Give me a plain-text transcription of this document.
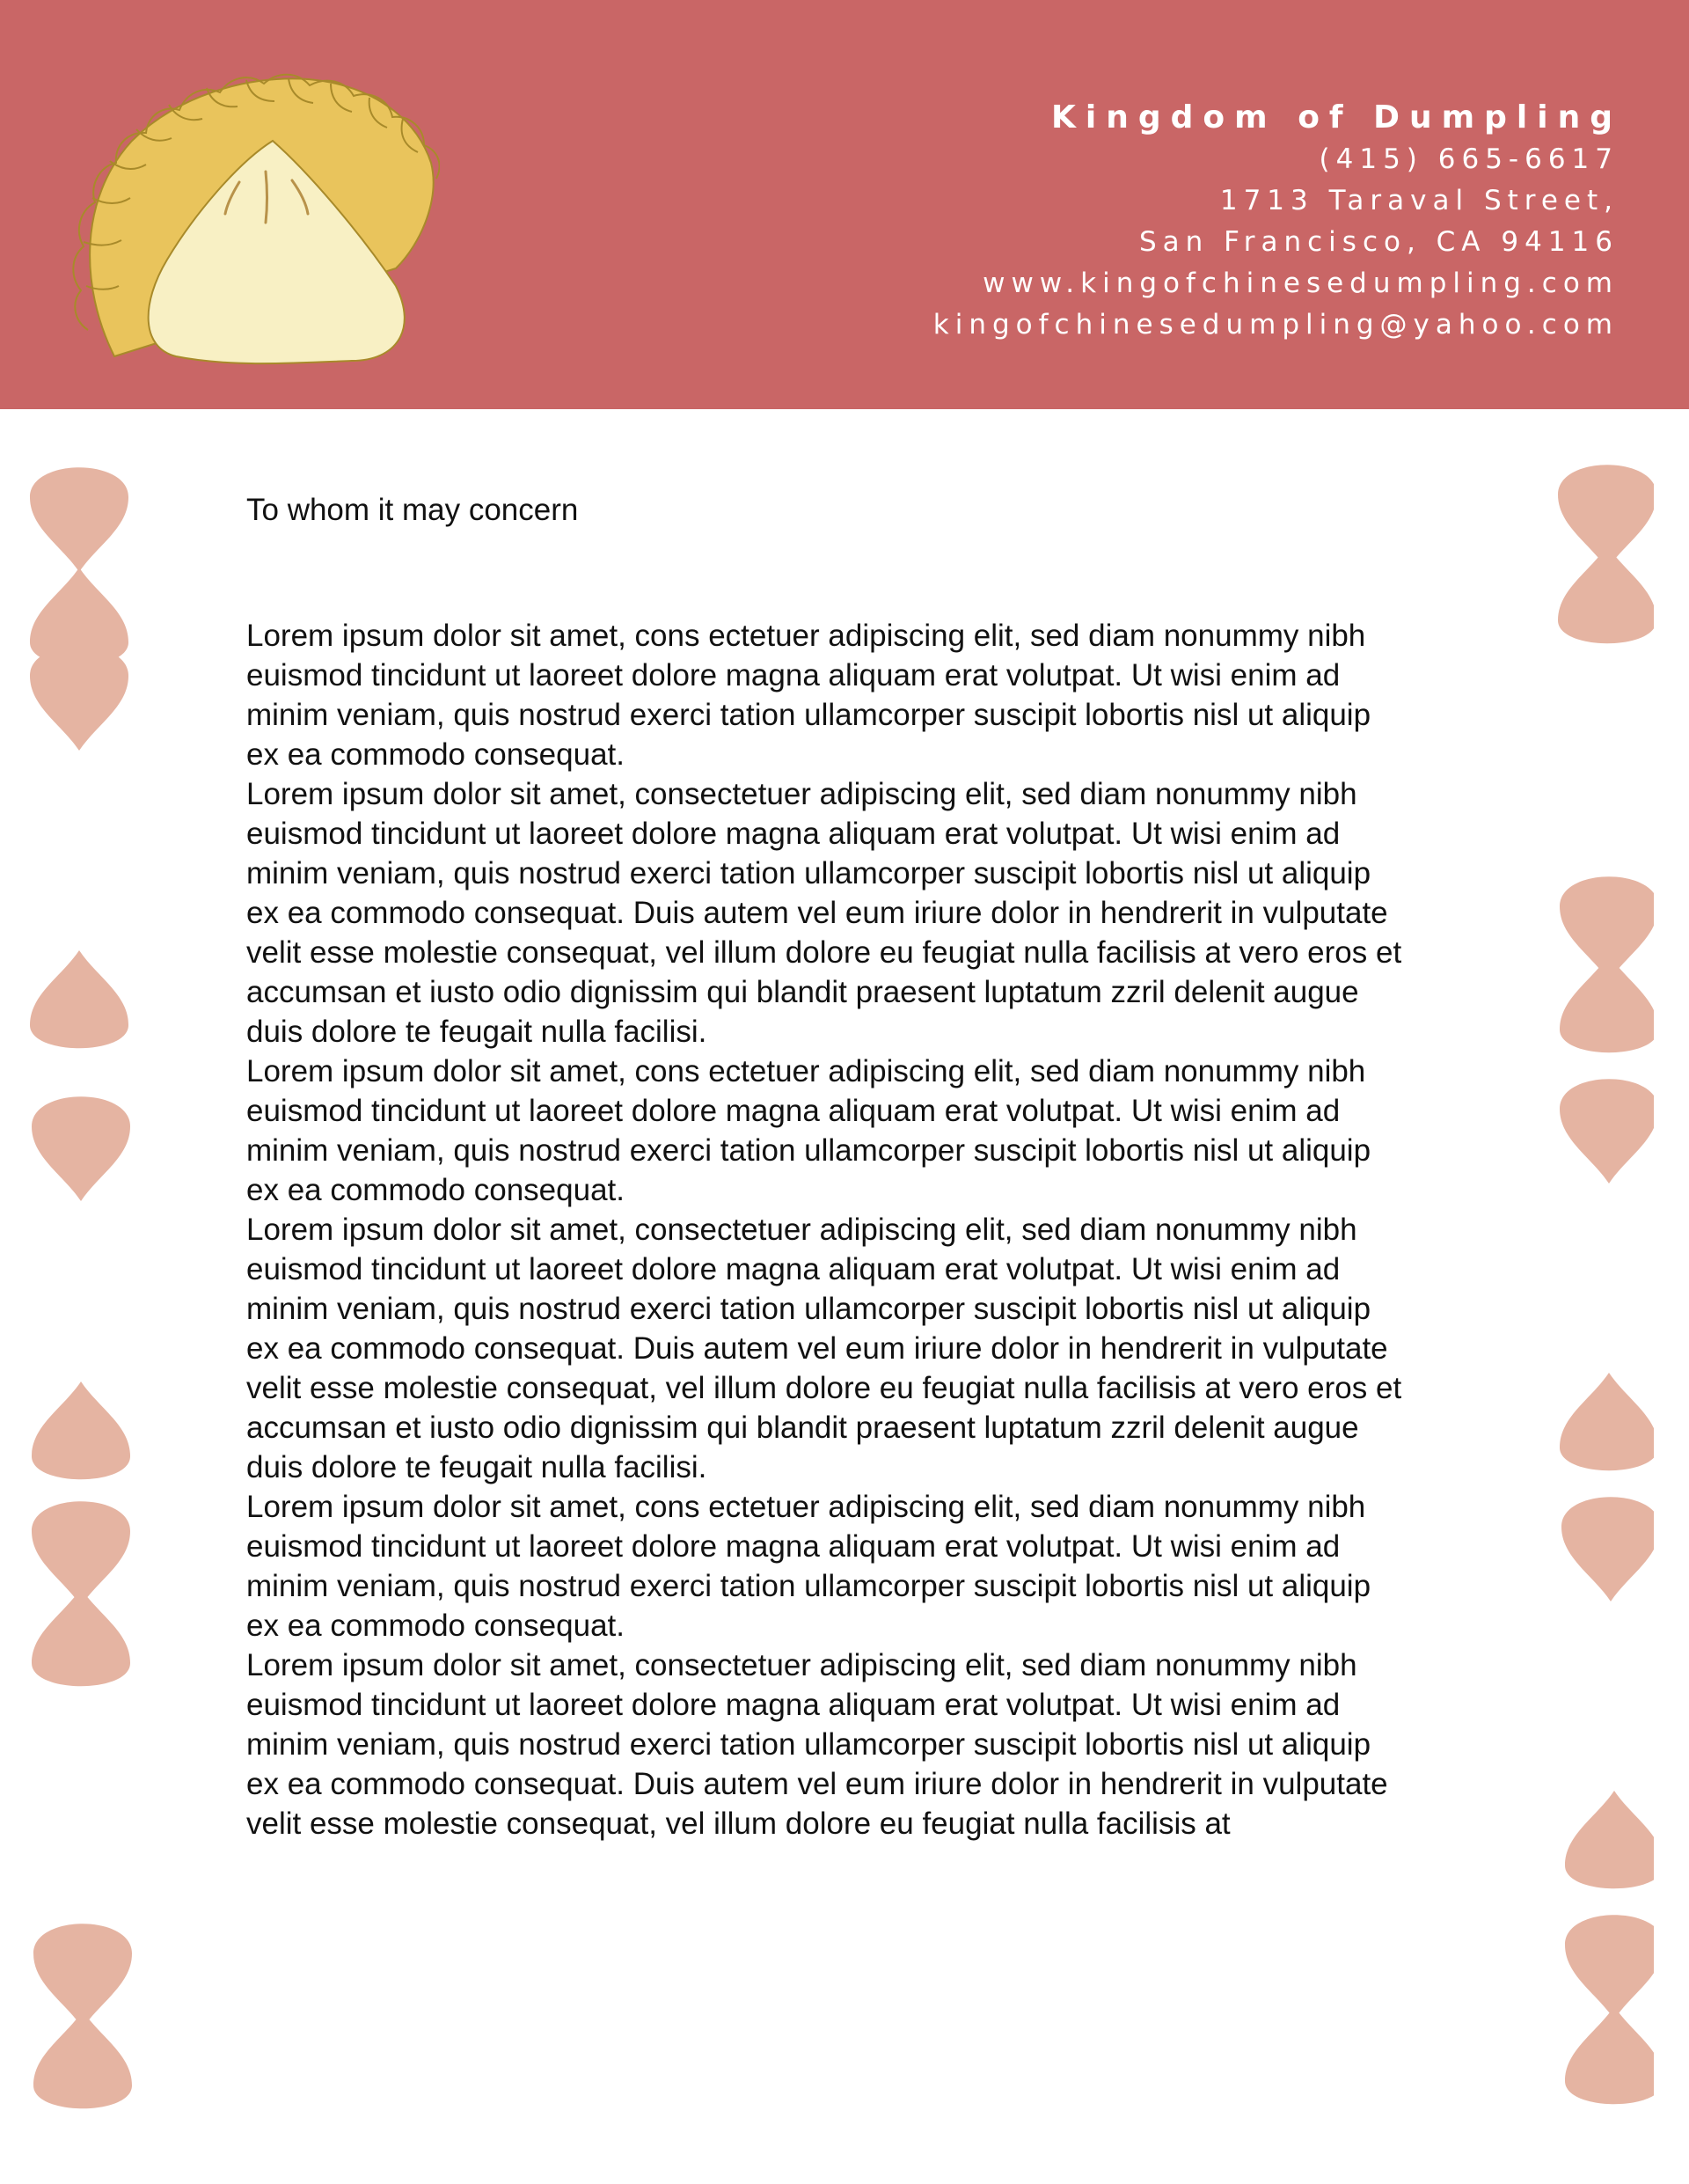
Kingdom of Dumpling
(415) 665-6617
1713 Taraval Street,
San Francisco, CA 94116
www.kingofchinesedumpling.com
kingofchinesedumpling@yahoo.com
To whom it may concern

Lorem ipsum dolor sit amet, cons ectetuer adipiscing elit, sed diam nonummy nibh euismod tincidunt ut laoreet dolore magna aliquam erat volutpat. Ut wisi enim ad minim veniam, quis nostrud exerci tation ullamcorper suscipit lobortis nisl ut aliquip ex ea commodo consequat.

Lorem ipsum dolor sit amet, consectetuer adipiscing elit, sed diam nonummy nibh euismod tincidunt ut laoreet dolore magna aliquam erat volutpat. Ut wisi enim ad minim veniam, quis nostrud exerci tation ullamcorper suscipit lobortis nisl ut aliquip ex ea commodo consequat. Duis autem vel eum iriure dolor in hendrerit in vulputate velit esse molestie consequat, vel illum dolore eu feugiat nulla facilisis at vero eros et accumsan et iusto odio dignissim qui blandit praesent luptatum zzril delenit augue duis dolore te feugait nulla facilisi.

Lorem ipsum dolor sit amet, cons ectetuer adipiscing elit, sed diam nonummy nibh euismod tincidunt ut laoreet dolore magna aliquam erat volutpat. Ut wisi enim ad minim veniam, quis nostrud exerci tation ullamcorper suscipit lobortis nisl ut aliquip ex ea commodo consequat.

Lorem ipsum dolor sit amet, consectetuer adipiscing elit, sed diam nonummy nibh euismod tincidunt ut laoreet dolore magna aliquam erat volutpat. Ut wisi enim ad minim veniam, quis nostrud exerci tation ullamcorper suscipit lobortis nisl ut aliquip ex ea commodo consequat. Duis autem vel eum iriure dolor in hendrerit in vulputate velit esse molestie consequat, vel illum dolore eu feugiat nulla facilisis at vero eros et accumsan et iusto odio dignissim qui blandit praesent luptatum zzril delenit augue duis dolore te feugait nulla facilisi.

Lorem ipsum dolor sit amet, cons ectetuer adipiscing elit, sed diam nonummy nibh euismod tincidunt ut laoreet dolore magna aliquam erat volutpat. Ut wisi enim ad minim veniam, quis nostrud exerci tation ullamcorper suscipit lobortis nisl ut aliquip ex ea commodo consequat.

Lorem ipsum dolor sit amet, consectetuer adipiscing elit, sed diam nonummy nibh euismod tincidunt ut laoreet dolore magna aliquam erat volutpat. Ut wisi enim ad minim veniam, quis nostrud exerci tation ullamcorper suscipit lobortis nisl ut aliquip ex ea commodo consequat. Duis autem vel eum iriure dolor in hendrerit in vulputate velit esse molestie consequat, vel illum dolore eu feugiat nulla facilisis at
